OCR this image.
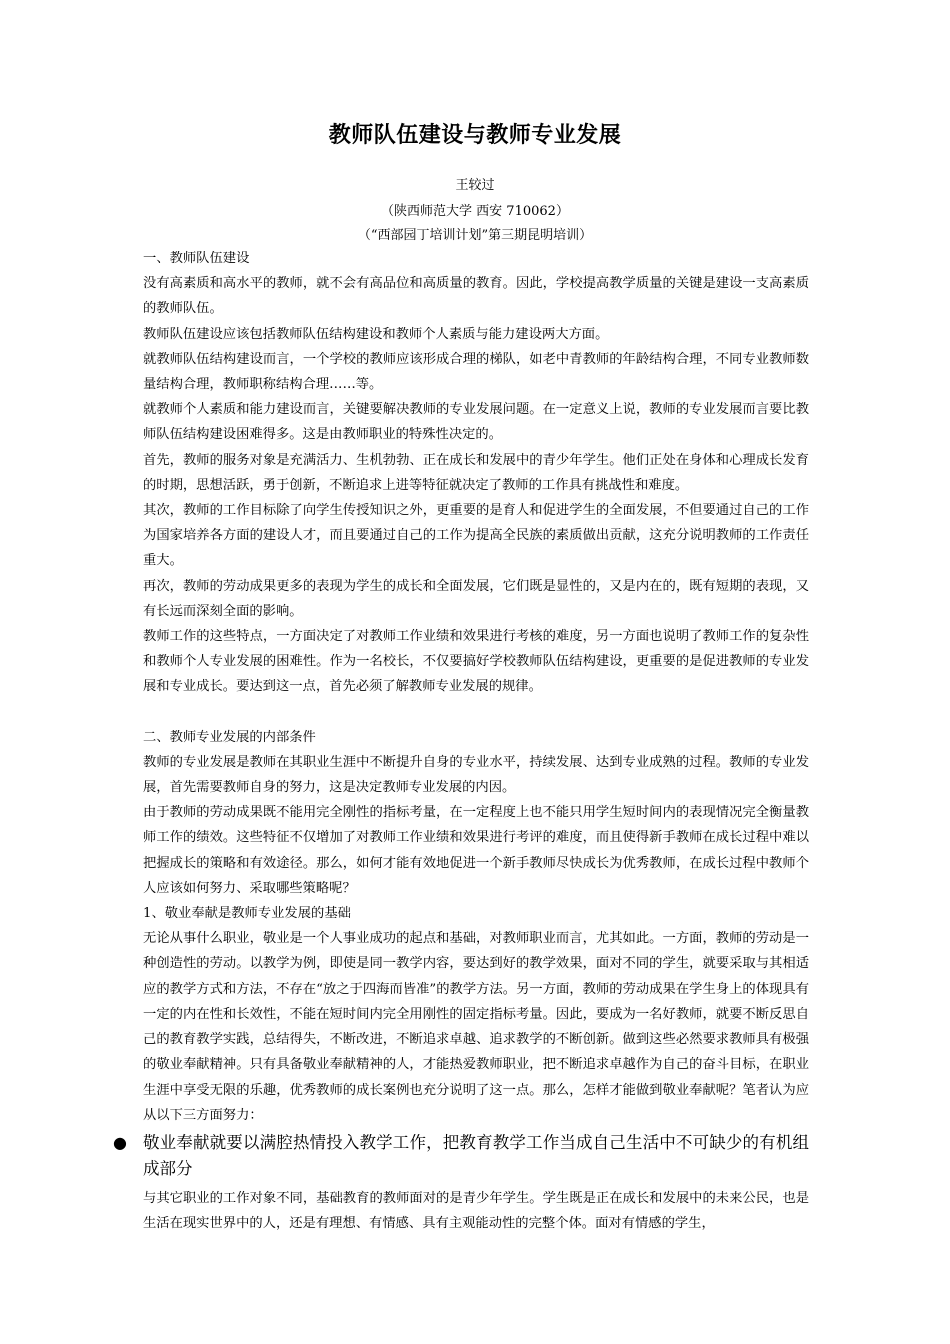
教师队伍建设与教师专业发展
王较过
（陕西师范大学 西安 710062）
（“西部园丁培训计划”第三期昆明培训）

一、教师队伍建设

没有高素质和高水平的教师，就不会有高品位和高质量的教育。因此，学校提高教学质量的关键是建设一支高素质的教师队伍。

教师队伍建设应该包括教师队伍结构建设和教师个人素质与能力建设两大方面。

就教师队伍结构建设而言，一个学校的教师应该形成合理的梯队，如老中青教师的年龄结构合理，不同专业教师数量结构合理，教师职称结构合理……等。

就教师个人素质和能力建设而言，关键要解决教师的专业发展问题。在一定意义上说，教师的专业发展而言要比教师队伍结构建设困难得多。这是由教师职业的特殊性决定的。

首先，教师的服务对象是充满活力、生机勃勃、正在成长和发展中的青少年学生。他们正处在身体和心理成长发育的时期，思想活跃，勇于创新，不断追求上进等特征就决定了教师的工作具有挑战性和难度。

其次，教师的工作目标除了向学生传授知识之外，更重要的是育人和促进学生的全面发展，不但要通过自己的工作为国家培养各方面的建设人才，而且要通过自己的工作为提高全民族的素质做出贡献，这充分说明教师的工作责任重大。

再次，教师的劳动成果更多的表现为学生的成长和全面发展，它们既是显性的，又是内在的，既有短期的表现，又有长远而深刻全面的影响。

教师工作的这些特点，一方面决定了对教师工作业绩和效果进行考核的难度，另一方面也说明了教师工作的复杂性和教师个人专业发展的困难性。作为一名校长，不仅要搞好学校教师队伍结构建设，更重要的是促进教师的专业发展和专业成长。要达到这一点，首先必须了解教师专业发展的规律。

二、教师专业发展的内部条件

教师的专业发展是教师在其职业生涯中不断提升自身的专业水平，持续发展、达到专业成熟的过程。教师的专业发展，首先需要教师自身的努力，这是决定教师专业发展的内因。

由于教师的劳动成果既不能用完全刚性的指标考量，在一定程度上也不能只用学生短时间内的表现情况完全衡量教师工作的绩效。这些特征不仅增加了对教师工作业绩和效果进行考评的难度，而且使得新手教师在成长过程中难以把握成长的策略和有效途径。那么，如何才能有效地促进一个新手教师尽快成长为优秀教师，在成长过程中教师个人应该如何努力、采取哪些策略呢？

1、敬业奉献是教师专业发展的基础

无论从事什么职业，敬业是一个人事业成功的起点和基础，对教师职业而言，尤其如此。一方面，教师的劳动是一种创造性的劳动。以教学为例，即使是同一教学内容，要达到好的教学效果，面对不同的学生，就要采取与其相适应的教学方式和方法，不存在“放之于四海而皆准”的教学方法。另一方面，教师的劳动成果在学生身上的体现具有一定的内在性和长效性，不能在短时间内完全用刚性的固定指标考量。因此，要成为一名好教师，就要不断反思自己的教育教学实践，总结得失，不断改进，不断追求卓越、追求教学的不断创新。做到这些必然要求教师具有极强的敬业奉献精神。只有具备敬业奉献精神的人，才能热爱教师职业，把不断追求卓越作为自己的奋斗目标，在职业生涯中享受无限的乐趣，优秀教师的成长案例也充分说明了这一点。那么，怎样才能做到敬业奉献呢？笔者认为应从以下三方面努力：

● 敬业奉献就要以满腔热情投入教学工作，把教育教学工作当成自己生活中不可缺少的有机组成部分

与其它职业的工作对象不同，基础教育的教师面对的是青少年学生。学生既是正在成长和发展中的未来公民，也是生活在现实世界中的人，还是有理想、有情感、具有主观能动性的完整个体。面对有情感的学生，
